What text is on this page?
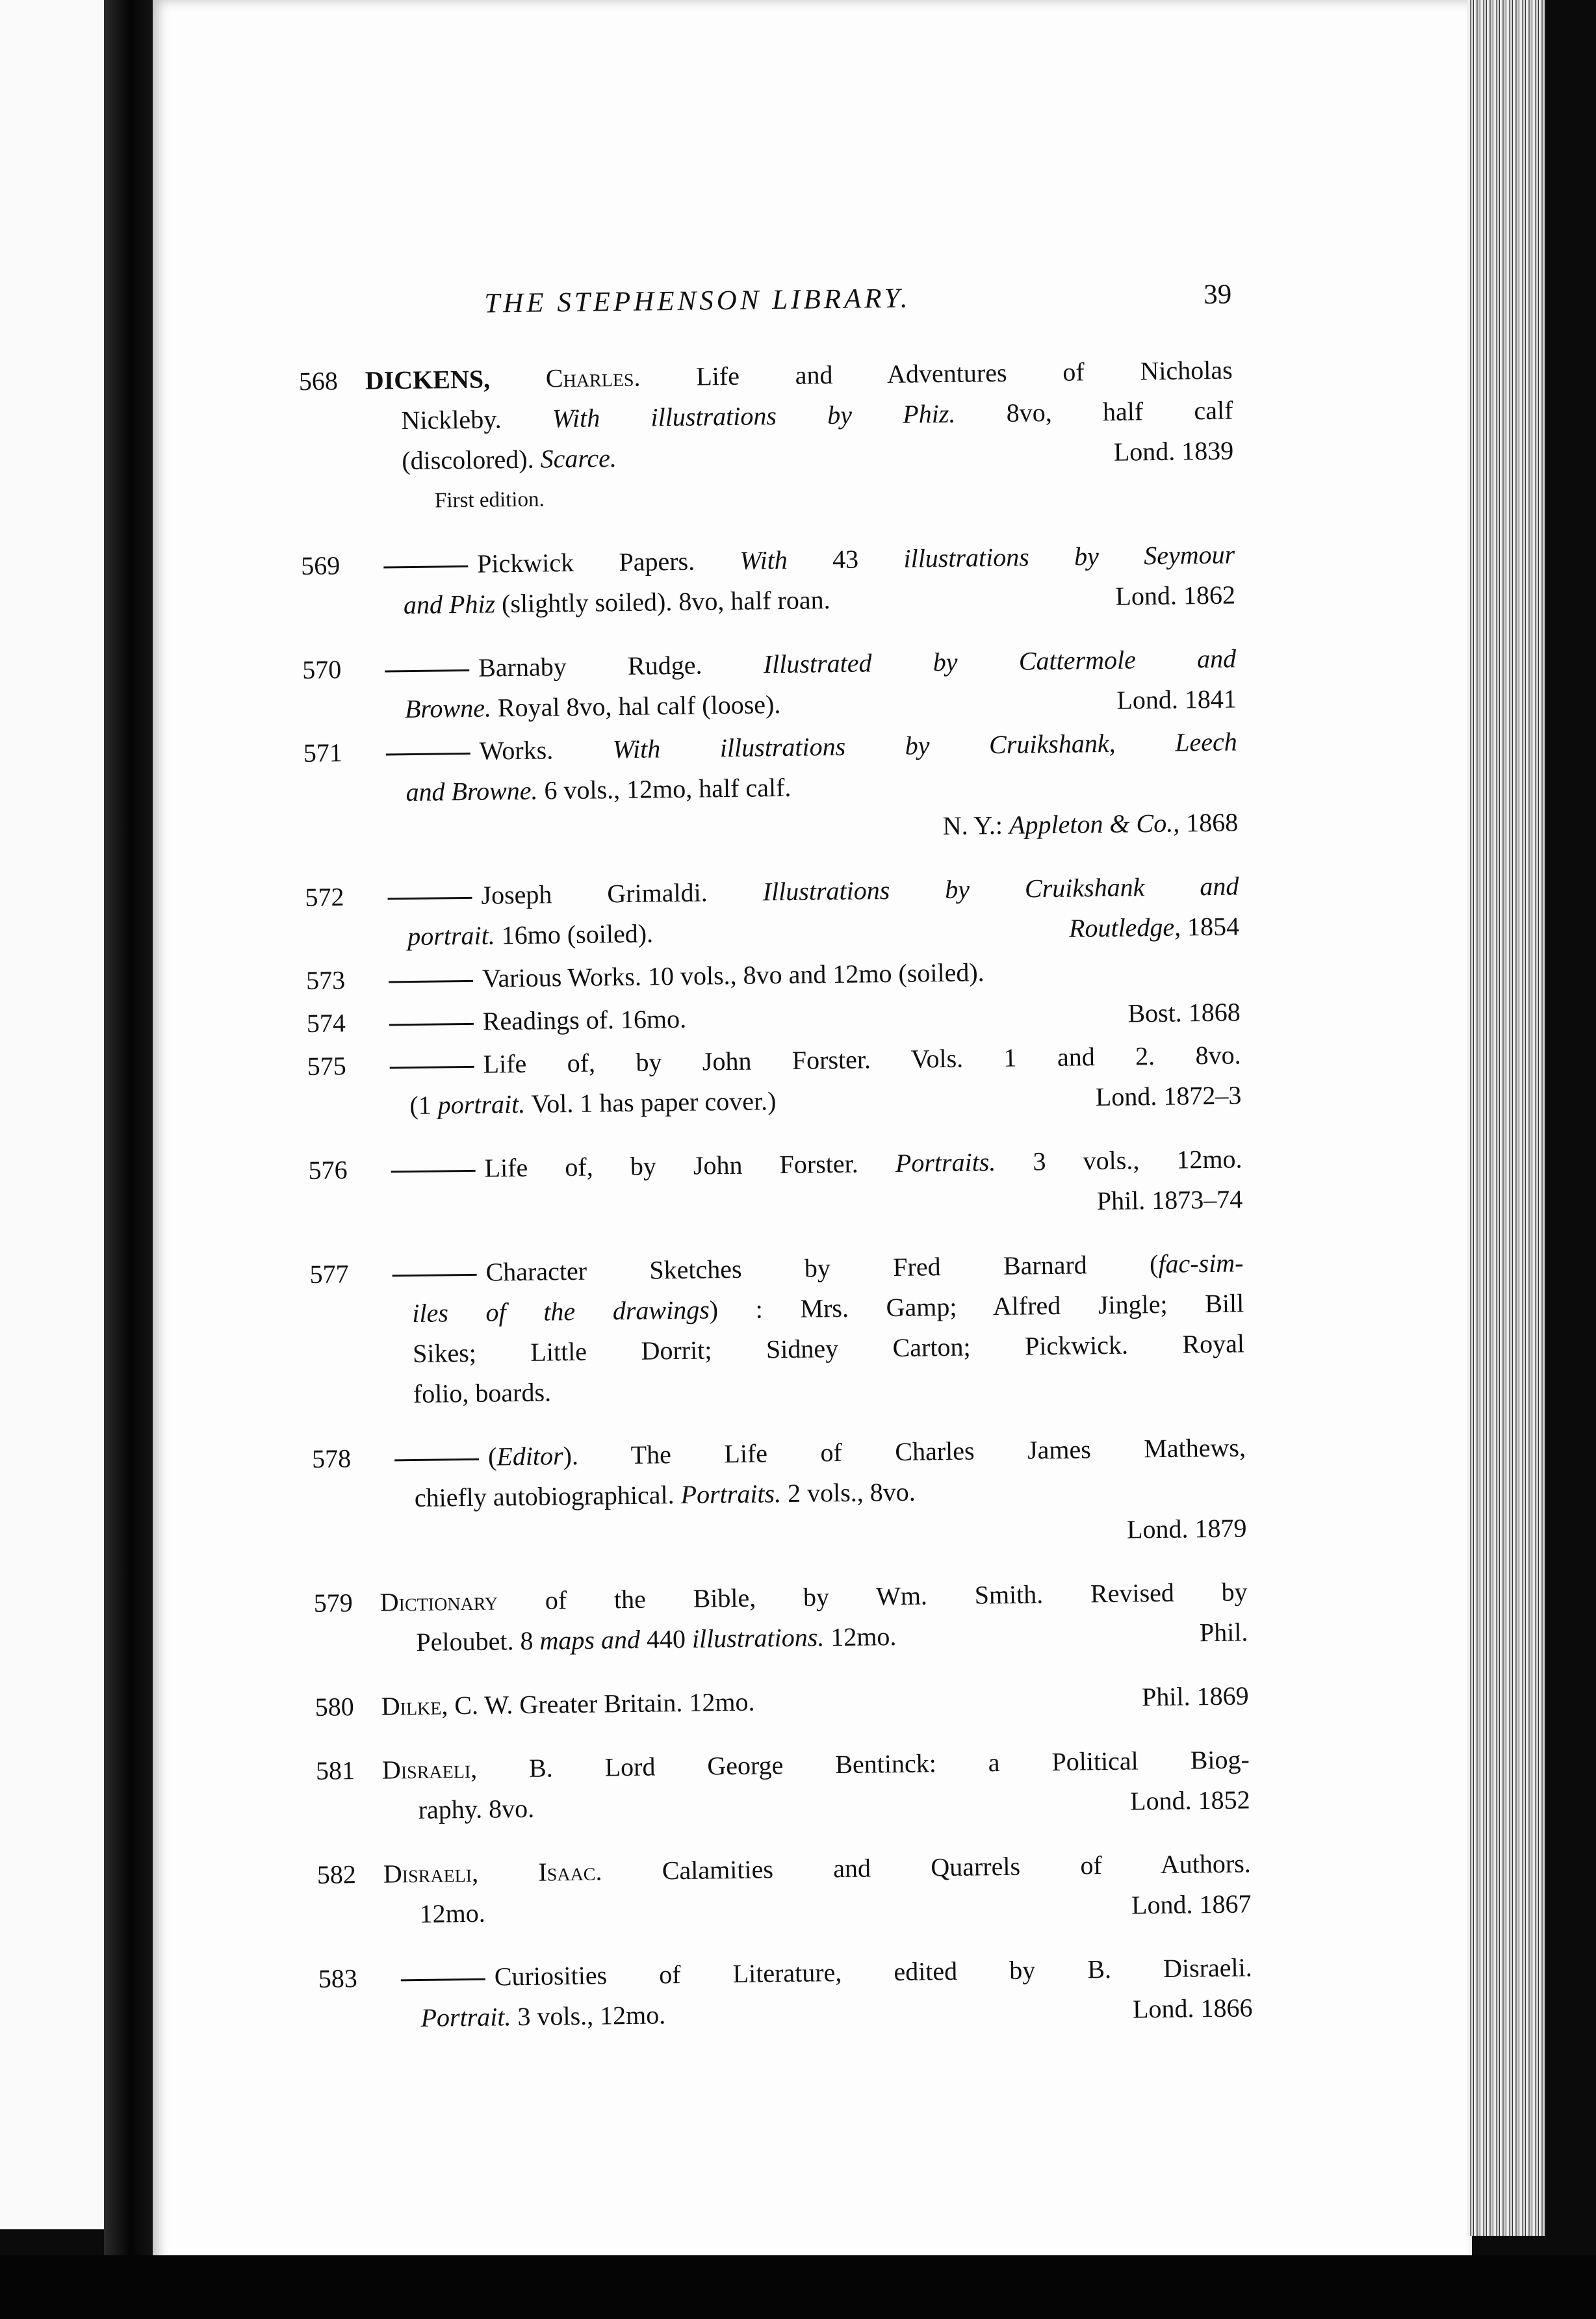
THE STEPHENSON LIBRARY.	39
568	DICKENS, Charles. Life and Adventures of Nicholas
Nickleby. With illustrations by Phiz. 8vo, half calf
(discolored). Scarce.	Lond. 1839
First edition.
569	Pickwick Papers. With 43 illustrations by Seymour
and Phiz (slightly soiled). 8vo, half roan.	Lond. 1862
570	Barnaby Rudge. Illustrated by Cattermole and
Browne. Royal 8vo, hal calf (loose).	Lond. 1841
571	Works. With illustrations by Cruikshank, Leech
and Browne. 6 vols., 12mo, half calf.
N. Y.: Appleton & Co., 1868
572	Joseph Grimaldi. Illustrations by Cruikshank and
portrait. 16mo (soiled).	Routledge, 1854
573	Various Works. 10 vols., 8vo and 12mo (soiled).
574	Readings of. 16mo.	Bost. 1868
575	Life of, by John Forster. Vols. 1 and 2. 8vo.
(1 portrait. Vol. 1 has paper cover.)	Lond. 1872–3
576	Life of, by John Forster. Portraits. 3 vols., 12mo.
Phil. 1873–74
577	Character Sketches by Fred Barnard (fac-sim-
iles of the drawings) : Mrs. Gamp; Alfred Jingle; Bill
Sikes; Little Dorrit; Sidney Carton; Pickwick. Royal
folio, boards.
578	(Editor). The Life of Charles James Mathews,
chiefly autobiographical. Portraits. 2 vols., 8vo.
Lond. 1879
579	Dictionary of the Bible, by Wm. Smith. Revised by
Peloubet. 8 maps and 440 illustrations. 12mo.	Phil.
580	Dilke, C. W. Greater Britain. 12mo.	Phil. 1869
581	Disraeli, B. Lord George Bentinck: a Political Biog-
raphy. 8vo.	Lond. 1852
582	Disraeli, Isaac. Calamities and Quarrels of Authors.
12mo.	Lond. 1867
583	Curiosities of Literature, edited by B. Disraeli.
Portrait. 3 vols., 12mo.	Lond. 1866
